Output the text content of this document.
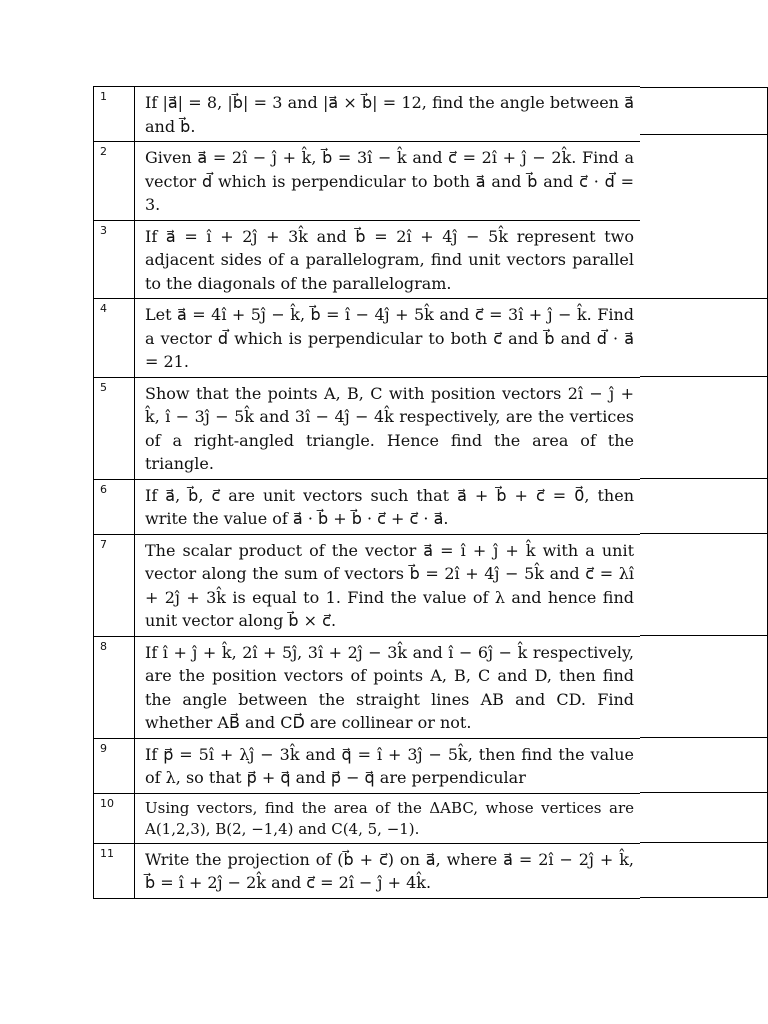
1	If |a⃗| = 8, |b⃗| = 3 and |a⃗ × b⃗| = 12, find the angle between a⃗ and b⃗.	

2	Given a⃗ = 2î − ĵ + k̂, b⃗ = 3î − k̂ and c⃗ = 2î + ĵ − 2k̂. Find a vector d⃗ which is perpendicular to both a⃗ and b⃗ and c⃗ · d⃗ = 3.	

3	If a⃗ = î + 2ĵ + 3k̂ and b⃗ = 2î + 4ĵ − 5k̂ represent two adjacent sides of a parallelogram, find unit vectors parallel to the diagonals of the parallelogram.	

4	Let a⃗ = 4î + 5ĵ − k̂, b⃗ = î − 4ĵ + 5k̂ and c⃗ = 3î + ĵ − k̂. Find a vector d⃗ which is perpendicular to both c⃗ and b⃗ and d⃗ · a⃗ = 21.	

5	Show that the points A, B, C with position vectors 2î − ĵ + k̂, î − 3ĵ − 5k̂ and 3î − 4ĵ − 4k̂ respectively, are the vertices of a right-angled triangle. Hence find the area of the triangle.	

6	If a⃗, b⃗, c⃗ are unit vectors such that a⃗ + b⃗ + c⃗ = 0⃗, then write the value of a⃗ · b⃗ + b⃗ · c⃗ + c⃗ · a⃗.	

7	The scalar product of the vector a⃗ = î + ĵ + k̂ with a unit vector along the sum of vectors b⃗ = 2î + 4ĵ − 5k̂ and c⃗ = λî + 2ĵ + 3k̂ is equal to 1. Find the value of λ and hence find unit vector along b⃗ × c⃗.	

8	If î + ĵ + k̂, 2î + 5ĵ, 3î + 2ĵ − 3k̂ and î − 6ĵ − k̂ respectively, are the position vectors of points A, B, C and D, then find the angle between the straight lines AB and CD. Find whether AB⃗ and CD⃗ are collinear or not.	

9	If p⃗ = 5î + λĵ − 3k̂ and q⃗ = î + 3ĵ − 5k̂, then find the value of λ, so that p⃗ + q⃗ and p⃗ − q⃗ are perpendicular	

10	Using vectors, find the area of the ΔABC, whose vertices are A(1,2,3), B(2, −1,4) and C(4, 5, −1).	

11	Write the projection of (b⃗ + c⃗) on a⃗, where a⃗ = 2î − 2ĵ + k̂, b⃗ = î + 2ĵ − 2k̂ and c⃗ = 2î − ĵ + 4k̂.	
